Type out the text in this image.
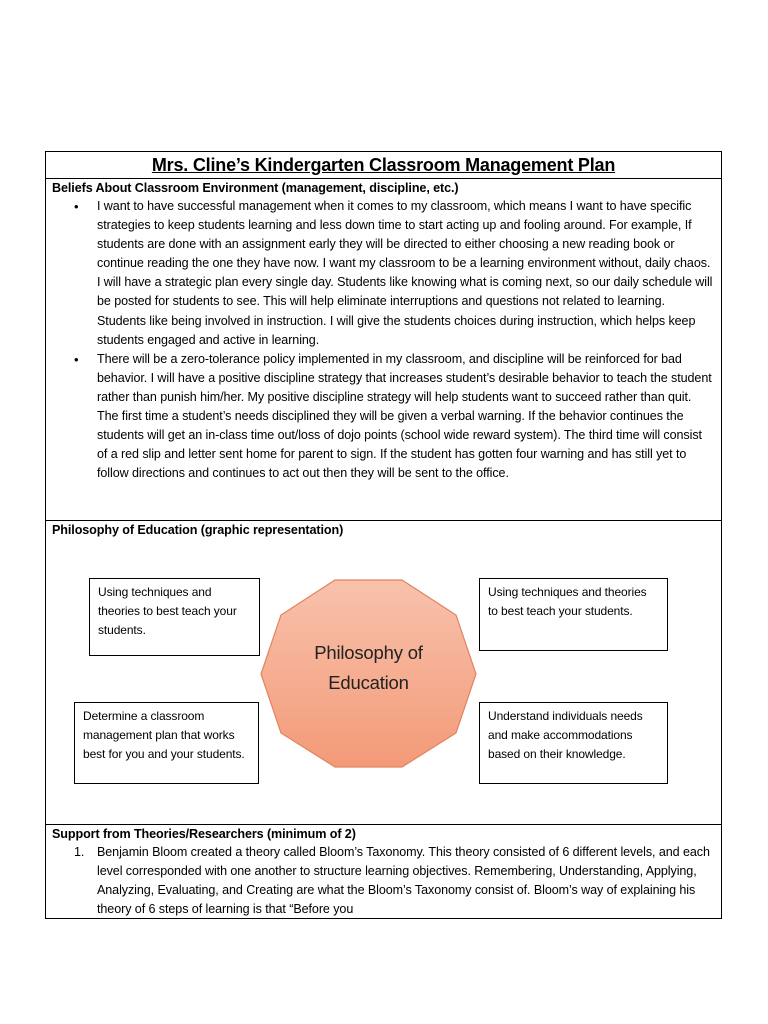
Mrs. Cline’s Kindergarten Classroom Management Plan
Beliefs About Classroom Environment (management, discipline, etc.)
• I want to have successful management when it comes to my classroom, which means I want to have specific strategies to keep students learning and less down time to start acting up and fooling around. For example, If students are done with an assignment early they will be directed to either choosing a new reading book or continue reading the one they have now. I want my classroom to be a learning environment without, daily chaos. I will have a strategic plan every single day. Students like knowing what is coming next, so our daily schedule will be posted for students to see. This will help eliminate interruptions and questions not related to learning. Students like being involved in instruction. I will give the students choices during instruction, which helps keep students engaged and active in learning.
• There will be a zero-tolerance policy implemented in my classroom, and discipline will be reinforced for bad behavior. I will have a positive discipline strategy that increases student’s desirable behavior to teach the student rather than punish him/her. My positive discipline strategy will help students want to succeed rather than quit. The first time a student’s needs disciplined they will be given a verbal warning. If the behavior continues the students will get an in-class time out/loss of dojo points (school wide reward system). The third time will consist of a red slip and letter sent home for parent to sign. If the student has gotten four warning and has still yet to follow directions and continues to act out then they will be sent to the office.
Philosophy of Education (graphic representation)
Philosophy of
Education
Using techniques and theories to best teach your students.
Using techniques and theories to best teach your students.
Determine a classroom management plan that works best for you and your students.
Understand individuals needs and make accommodations based on their knowledge.
Support from Theories/Researchers (minimum of 2)
1. Benjamin Bloom created a theory called Bloom’s Taxonomy. This theory consisted of 6 different levels, and each level corresponded with one another to structure learning objectives. Remembering, Understanding, Applying, Analyzing, Evaluating, and Creating are what the Bloom’s Taxonomy consist of. Bloom’s way of explaining his theory of 6 steps of learning is that “Before you
